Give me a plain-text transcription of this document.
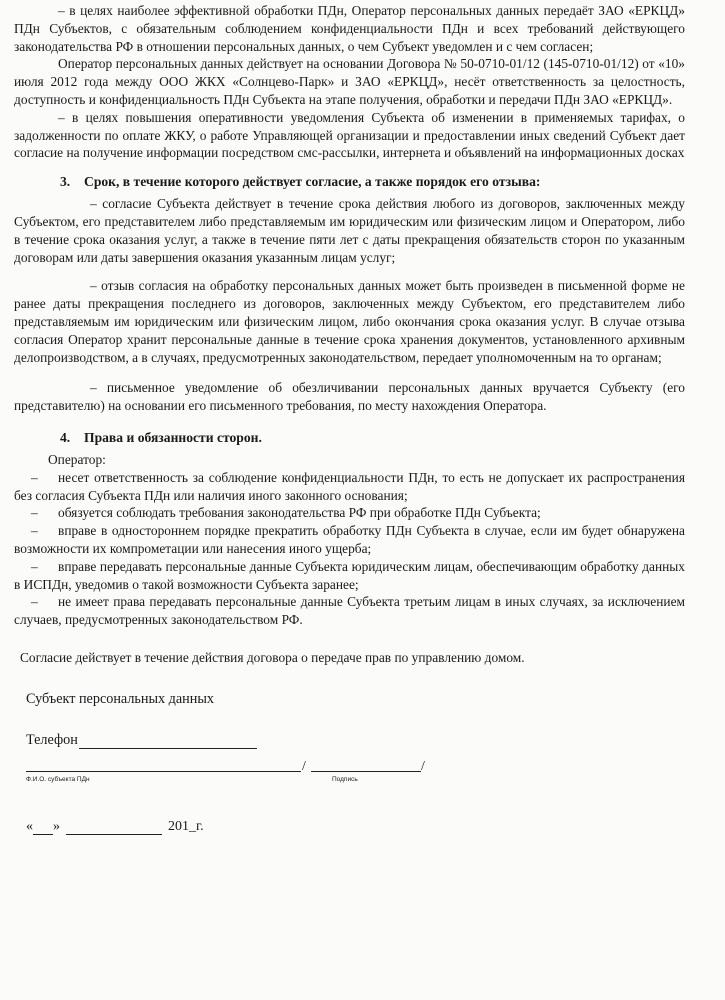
– в целях наиболее эффективной обработки ПДн, Оператор персональных данных передаёт ЗАО «ЕРКЦД» ПДн Субъектов, с обязательным соблюдением конфиденциальности ПДн и всех требований действующего законодательства РФ в отношении персональных данных, о чем Субъект уведомлен и с чем согласен;

Оператор персональных данных действует на основании Договора № 50-0710-01/12 (145-0710-01/12) от «10» июля 2012 года между ООО ЖКХ «Солнцево-Парк» и ЗАО «ЕРКЦД», несёт ответственность за целостность, доступность и конфиденциальность ПДн Субъекта на этапе получения, обработки и передачи ПДн ЗАО «ЕРКЦД».

– в целях повышения оперативности уведомления Субъекта об изменении в применяемых тарифах, о задолженности по оплате ЖКУ, о работе Управляющей организации и предоставлении иных сведений Субъект дает согласие на получение информации посредством смс-рассылки, интернета и объявлений на информационных досках

3. Срок, в течение которого действует согласие, а также порядок его отзыва:

– согласие Субъекта действует в течение срока действия любого из договоров, заключенных между Субъектом, его представителем либо представляемым им юридическим или физическим лицом и Оператором, либо в течение срока оказания услуг, а также в течение пяти лет с даты прекращения обязательств сторон по указанным договорам или даты завершения оказания указанным лицам услуг;

– отзыв согласия на обработку персональных данных может быть произведен в письменной форме не ранее даты прекращения последнего из договоров, заключенных между Субъектом, его представителем либо представляемым им юридическим или физическим лицом, либо окончания срока оказания услуг. В случае отзыва согласия Оператор хранит персональные данные в течение срока хранения документов, установленного архивным делопроизводством, а в случаях, предусмотренных законодательством, передает уполномоченным на то органам;

– письменное уведомление об обезличивании персональных данных вручается Субъекту (его представителю) на основании его письменного требования, по месту нахождения Оператора.

4. Права и обязанности сторон.

Оператор:

– несет ответственность за соблюдение конфиденциальности ПДн, то есть не допускает их распространения без согласия Субъекта ПДн или наличия иного законного основания;

– обязуется соблюдать требования законодательства РФ при обработке ПДн Субъекта;

– вправе в одностороннем порядке прекратить обработку ПДн Субъекта в случае, если им будет обнаружена возможности их компрометации или нанесения иного ущерба;

– вправе передавать персональные данные Субъекта юридическим лицам, обеспечивающим обработку данных в ИСПДн, уведомив о такой возможности Субъекта заранее;

– не имеет права передавать персональные данные Субъекта третьим лицам в иных случаях, за исключением случаев, предусмотренных законодательством РФ.

Согласие действует в течение действия договора о передаче прав по управлению домом.

Субъект персональных данных
Телефон
/	/
Ф.И.О. субъекта ПДн	Подпись
« »	201_г.
